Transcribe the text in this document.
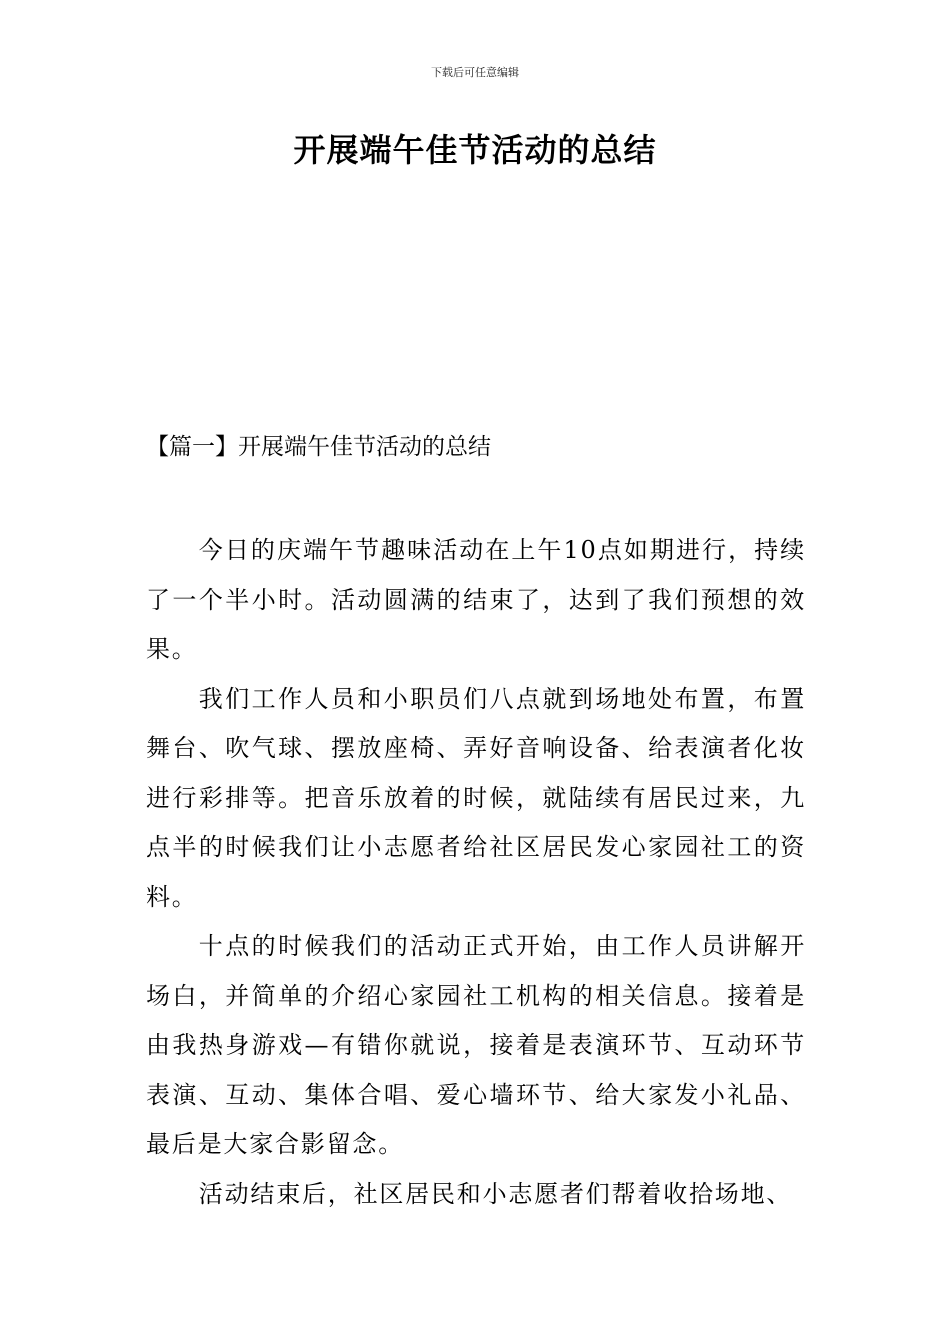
下载后可任意编辑
开展端午佳节活动的总结
【篇一】开展端午佳节活动的总结

今日的庆端午节趣味活动在上午10点如期进行，持续了一个半小时。活动圆满的结束了，达到了我们预想的效果。

我们工作人员和小职员们八点就到场地处布置，布置舞台、吹气球、摆放座椅、弄好音响设备、给表演者化妆进行彩排等。把音乐放着的时候，就陆续有居民过来，九点半的时候我们让小志愿者给社区居民发心家园社工的资料。

十点的时候我们的活动正式开始，由工作人员讲解开场白，并简单的介绍心家园社工机构的相关信息。接着是由我热身游戏—有错你就说，接着是表演环节、互动环节表演、互动、集体合唱、爱心墙环节、给大家发小礼品、最后是大家合影留念。

活动结束后，社区居民和小志愿者们帮着收拾场地、
